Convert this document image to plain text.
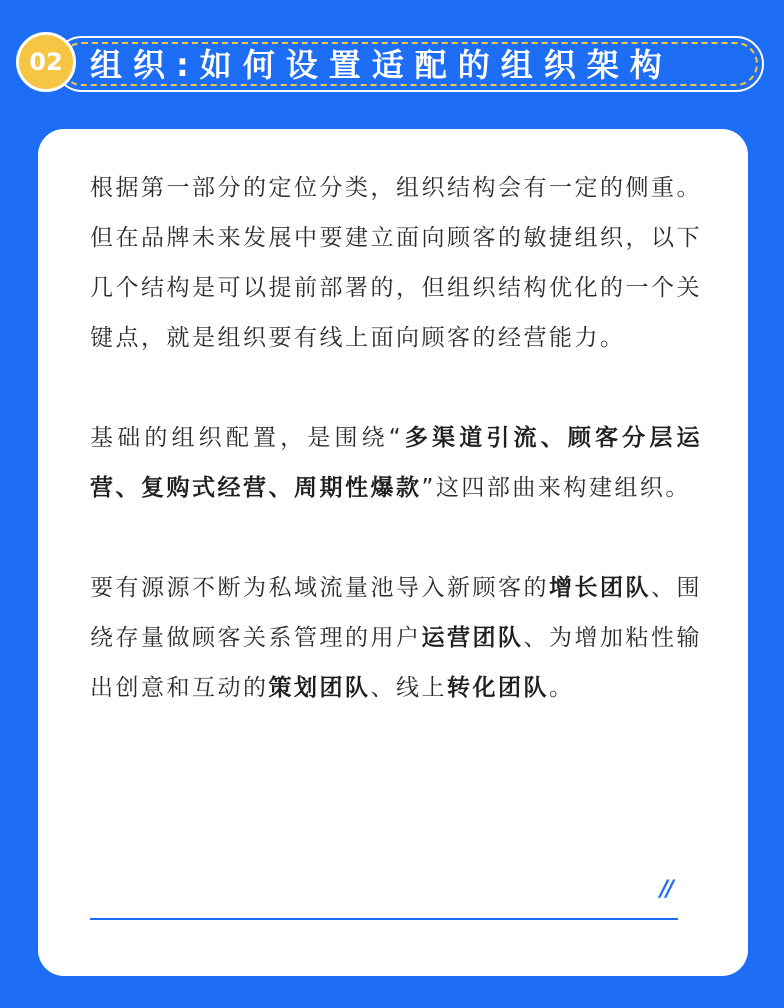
组织:如何设置适配的组织架构
02

根据第一部分的定位分类，组织结构会有一定的侧重。但在品牌未来发展中要建立面向顾客的敏捷组织，以下几个结构是可以提前部署的，但组织结构优化的一个关键点，就是组织要有线上面向顾客的经营能力。

基础的组织配置，是围绕“多渠道引流、顾客分层运营、复购式经营、周期性爆款”这四部曲来构建组织。

要有源源不断为私域流量池导入新顾客的增长团队、围绕存量做顾客关系管理的用户运营团队、为增加粘性输出创意和互动的策划团队、线上转化团队。

//
